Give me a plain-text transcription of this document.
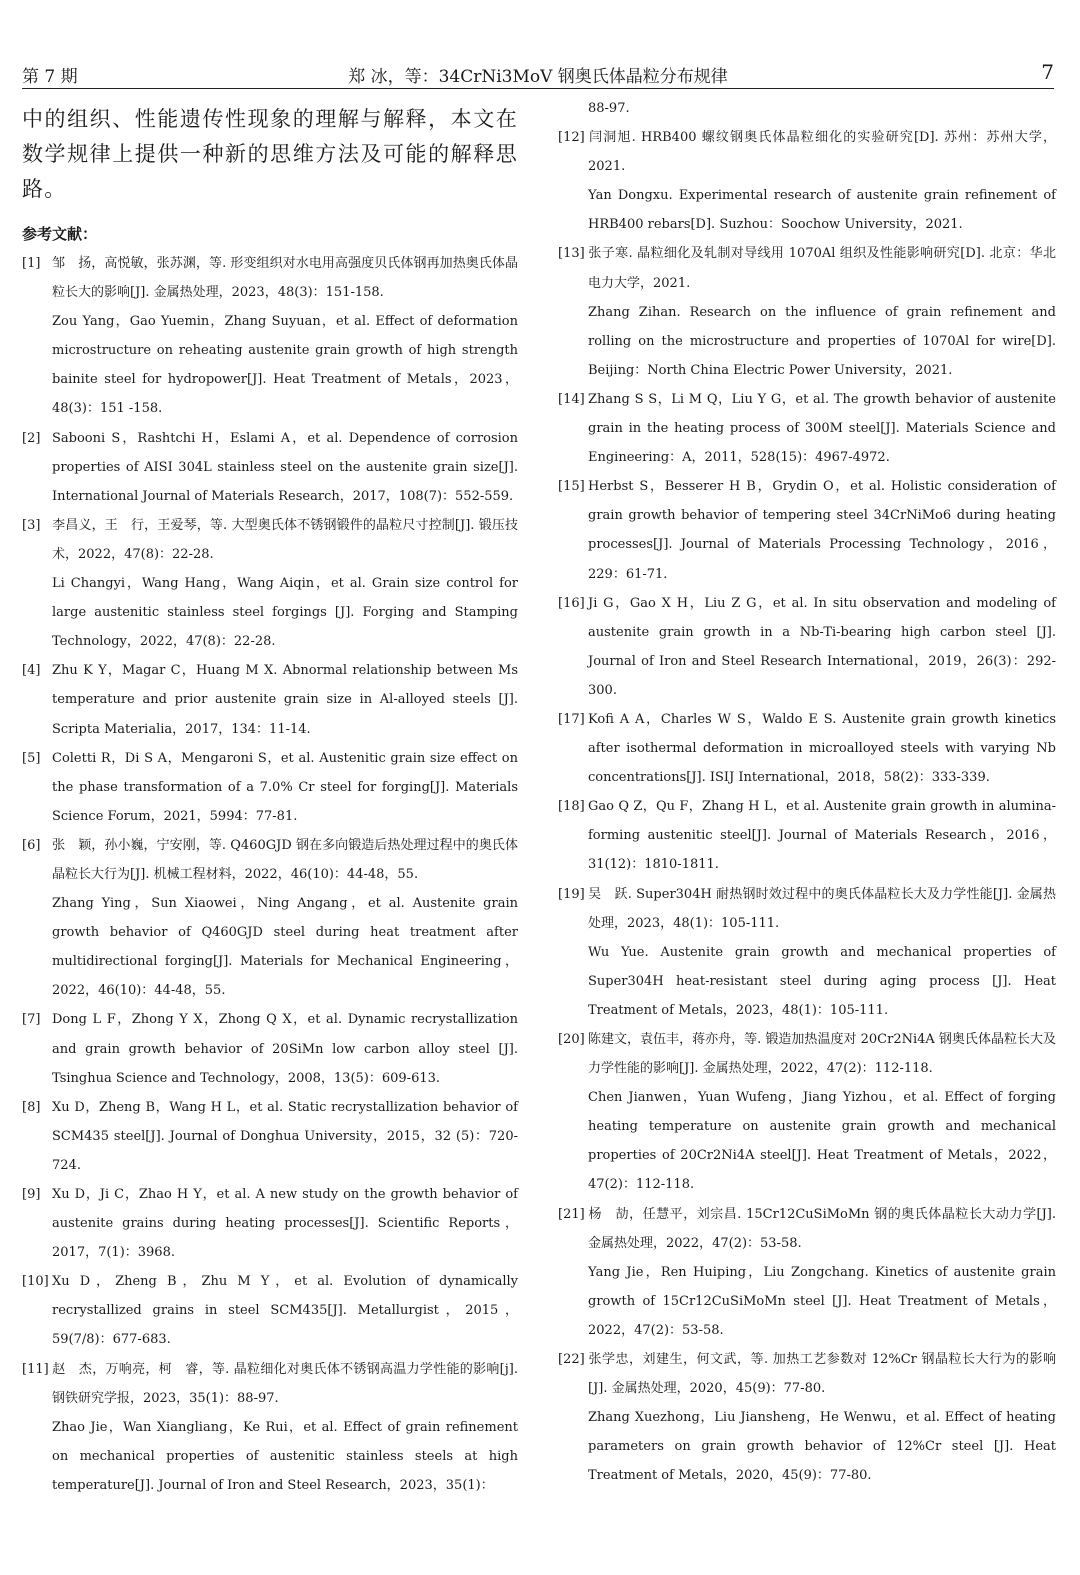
第 7 期	郑 冰，等：34CrNi3MoV 钢奥氏体晶粒分布规律	7

中的组织、性能遗传性现象的理解与解释，本文在数学规律上提供一种新的思维方法及可能的解释思路。

参考文献：
[1] 邹　扬，高悦敏，张苏渊，等. 形变组织对水电用高强度贝氏体钢再加热奥氏体晶粒长大的影响[J]. 金属热处理，2023，48(3)：151-158.
Zou Yang，Gao Yuemin，Zhang Suyuan，et al. Effect of deformation microstructure on reheating austenite grain growth of high strength bainite steel for hydropower[J]. Heat Treatment of Metals，2023，48(3)：151 -158.
[2] Sabooni S，Rashtchi H，Eslami A，et al. Dependence of corrosion properties of AISI 304L stainless steel on the austenite grain size[J]. International Journal of Materials Research，2017，108(7)：552-559.
[3] 李昌义，王　行，王爱琴，等. 大型奥氏体不锈钢锻件的晶粒尺寸控制[J]. 锻压技术，2022，47(8)：22-28.
Li Changyi，Wang Hang，Wang Aiqin，et al. Grain size control for large austenitic stainless steel forgings [J]. Forging and Stamping Technology，2022，47(8)：22-28.
[4] Zhu K Y，Magar C，Huang M X. Abnormal relationship between Ms temperature and prior austenite grain size in Al-alloyed steels [J]. Scripta Materialia，2017，134：11-14.
[5] Coletti R，Di S A，Mengaroni S，et al. Austenitic grain size effect on the phase transformation of a 7.0% Cr steel for forging[J]. Materials Science Forum，2021，5994：77-81.
[6] 张　颖，孙小巍，宁安刚，等. Q460GJD 钢在多向锻造后热处理过程中的奥氏体晶粒长大行为[J]. 机械工程材料，2022，46(10)：44-48，55.
Zhang Ying，Sun Xiaowei，Ning Angang，et al. Austenite grain growth behavior of Q460GJD steel during heat treatment after multidirectional forging[J]. Materials for Mechanical Engineering，2022，46(10)：44-48，55.
[7] Dong L F，Zhong Y X，Zhong Q X，et al. Dynamic recrystallization and grain growth behavior of 20SiMn low carbon alloy steel [J]. Tsinghua Science and Technology，2008，13(5)：609-613.
[8] Xu D，Zheng B，Wang H L，et al. Static recrystallization behavior of SCM435 steel[J]. Journal of Donghua University，2015，32 (5)：720-724.
[9] Xu D，Ji C，Zhao H Y，et al. A new study on the growth behavior of austenite grains during heating processes[J]. Scientific Reports，2017，7(1)：3968.
[10] Xu D，Zheng B，Zhu M Y，et al. Evolution of dynamically recrystallized grains in steel SCM435[J]. Metallurgist，2015，59(7/8)：677-683.
[11] 赵　杰，万响亮，柯　睿，等. 晶粒细化对奥氏体不锈钢高温力学性能的影响[j]. 钢铁研究学报，2023，35(1)：88-97.
Zhao Jie，Wan Xiangliang，Ke Rui，et al. Effect of grain refinement on mechanical properties of austenitic stainless steels at high temperature[J]. Journal of Iron and Steel Research，2023，35(1)：
88-97.
[12] 闫洞旭. HRB400 螺纹钢奥氏体晶粒细化的实验研究[D]. 苏州：苏州大学，2021.
Yan Dongxu. Experimental research of austenite grain refinement of HRB400 rebars[D]. Suzhou：Soochow University，2021.
[13] 张子寒. 晶粒细化及轧制对导线用 1070Al 组织及性能影响研究[D]. 北京：华北电力大学，2021.
Zhang Zihan. Research on the influence of grain refinement and rolling on the microstructure and properties of 1070Al for wire[D]. Beijing：North China Electric Power University，2021.
[14] Zhang S S，Li M Q，Liu Y G，et al. The growth behavior of austenite grain in the heating process of 300M steel[J]. Materials Science and Engineering：A，2011，528(15)：4967-4972.
[15] Herbst S，Besserer H B，Grydin O，et al. Holistic consideration of grain growth behavior of tempering steel 34CrNiMo6 during heating processes[J]. Journal of Materials Processing Technology，2016，229：61-71.
[16] Ji G，Gao X H，Liu Z G，et al. In situ observation and modeling of austenite grain growth in a Nb-Ti-bearing high carbon steel [J]. Journal of Iron and Steel Research International，2019，26(3)：292-300.
[17] Kofi A A，Charles W S，Waldo E S. Austenite grain growth kinetics after isothermal deformation in microalloyed steels with varying Nb concentrations[J]. ISIJ International，2018，58(2)：333-339.
[18] Gao Q Z，Qu F，Zhang H L，et al. Austenite grain growth in alumina-forming austenitic steel[J]. Journal of Materials Research，2016，31(12)：1810-1811.
[19] 吴　跃. Super304H 耐热钢时效过程中的奥氏体晶粒长大及力学性能[J]. 金属热处理，2023，48(1)：105-111.
Wu Yue. Austenite grain growth and mechanical properties of Super304H heat-resistant steel during aging process [J]. Heat Treatment of Metals，2023，48(1)：105-111.
[20] 陈建文，袁伍丰，蒋亦舟，等. 锻造加热温度对 20Cr2Ni4A 钢奥氏体晶粒长大及力学性能的影响[J]. 金属热处理，2022，47(2)：112-118.
Chen Jianwen，Yuan Wufeng，Jiang Yizhou，et al. Effect of forging heating temperature on austenite grain growth and mechanical properties of 20Cr2Ni4A steel[J]. Heat Treatment of Metals，2022，47(2)：112-118.
[21] 杨　劼，任慧平，刘宗昌. 15Cr12CuSiMoMn 钢的奥氏体晶粒长大动力学[J]. 金属热处理，2022，47(2)：53-58.
Yang Jie，Ren Huiping，Liu Zongchang. Kinetics of austenite grain growth of 15Cr12CuSiMoMn steel [J]. Heat Treatment of Metals，2022，47(2)：53-58.
[22] 张学忠，刘建生，何文武，等. 加热工艺参数对 12%Cr 钢晶粒长大行为的影响[J]. 金属热处理，2020，45(9)：77-80.
Zhang Xuezhong，Liu Jiansheng，He Wenwu，et al. Effect of heating parameters on grain growth behavior of 12%Cr steel [J]. Heat Treatment of Metals，2020，45(9)：77-80.
